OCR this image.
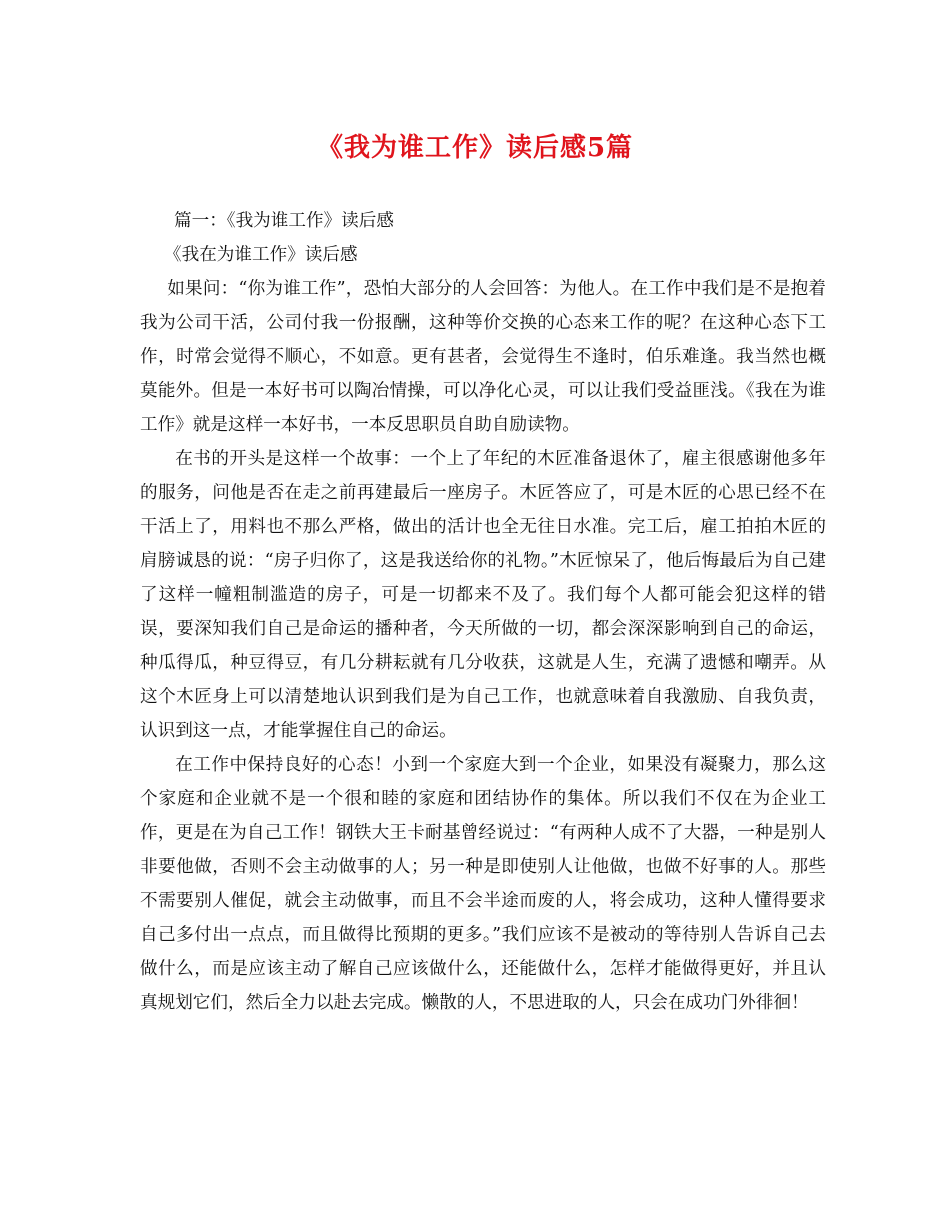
《我为谁工作》读后感5篇

篇一：《我为谁工作》读后感

《我在为谁工作》读后感

如果问：“你为谁工作”，恐怕大部分的人会回答：为他人。在工作中我们是不是抱着我为公司干活，公司付我一份报酬，这种等价交换的心态来工作的呢？在这种心态下工作，时常会觉得不顺心，不如意。更有甚者，会觉得生不逢时，伯乐难逢。我当然也概莫能外。但是一本好书可以陶冶情操，可以净化心灵，可以让我们受益匪浅。《我在为谁工作》就是这样一本好书，一本反思职员自助自励读物。

在书的开头是这样一个故事：一个上了年纪的木匠准备退休了，雇主很感谢他多年的服务，问他是否在走之前再建最后一座房子。木匠答应了，可是木匠的心思已经不在干活上了，用料也不那么严格，做出的活计也全无往日水准。完工后，雇工拍拍木匠的肩膀诚恳的说：“房子归你了，这是我送给你的礼物。”木匠惊呆了，他后悔最后为自己建了这样一幢粗制滥造的房子，可是一切都来不及了。我们每个人都可能会犯这样的错误，要深知我们自己是命运的播种者，今天所做的一切，都会深深影响到自己的命运，种瓜得瓜，种豆得豆，有几分耕耘就有几分收获，这就是人生，充满了遗憾和嘲弄。从这个木匠身上可以清楚地认识到我们是为自己工作，也就意味着自我激励、自我负责，认识到这一点，才能掌握住自己的命运。

在工作中保持良好的心态！小到一个家庭大到一个企业，如果没有凝聚力，那么这个家庭和企业就不是一个很和睦的家庭和团结协作的集体。所以我们不仅在为企业工作，更是在为自己工作！钢铁大王卡耐基曾经说过：“有两种人成不了大器，一种是别人非要他做，否则不会主动做事的人；另一种是即使别人让他做，也做不好事的人。那些不需要别人催促，就会主动做事，而且不会半途而废的人，将会成功，这种人懂得要求自己多付出一点点，而且做得比预期的更多。”我们应该不是被动的等待别人告诉自己去做什么，而是应该主动了解自己应该做什么，还能做什么，怎样才能做得更好，并且认真规划它们，然后全力以赴去完成。懒散的人，不思进取的人，只会在成功门外徘徊！
